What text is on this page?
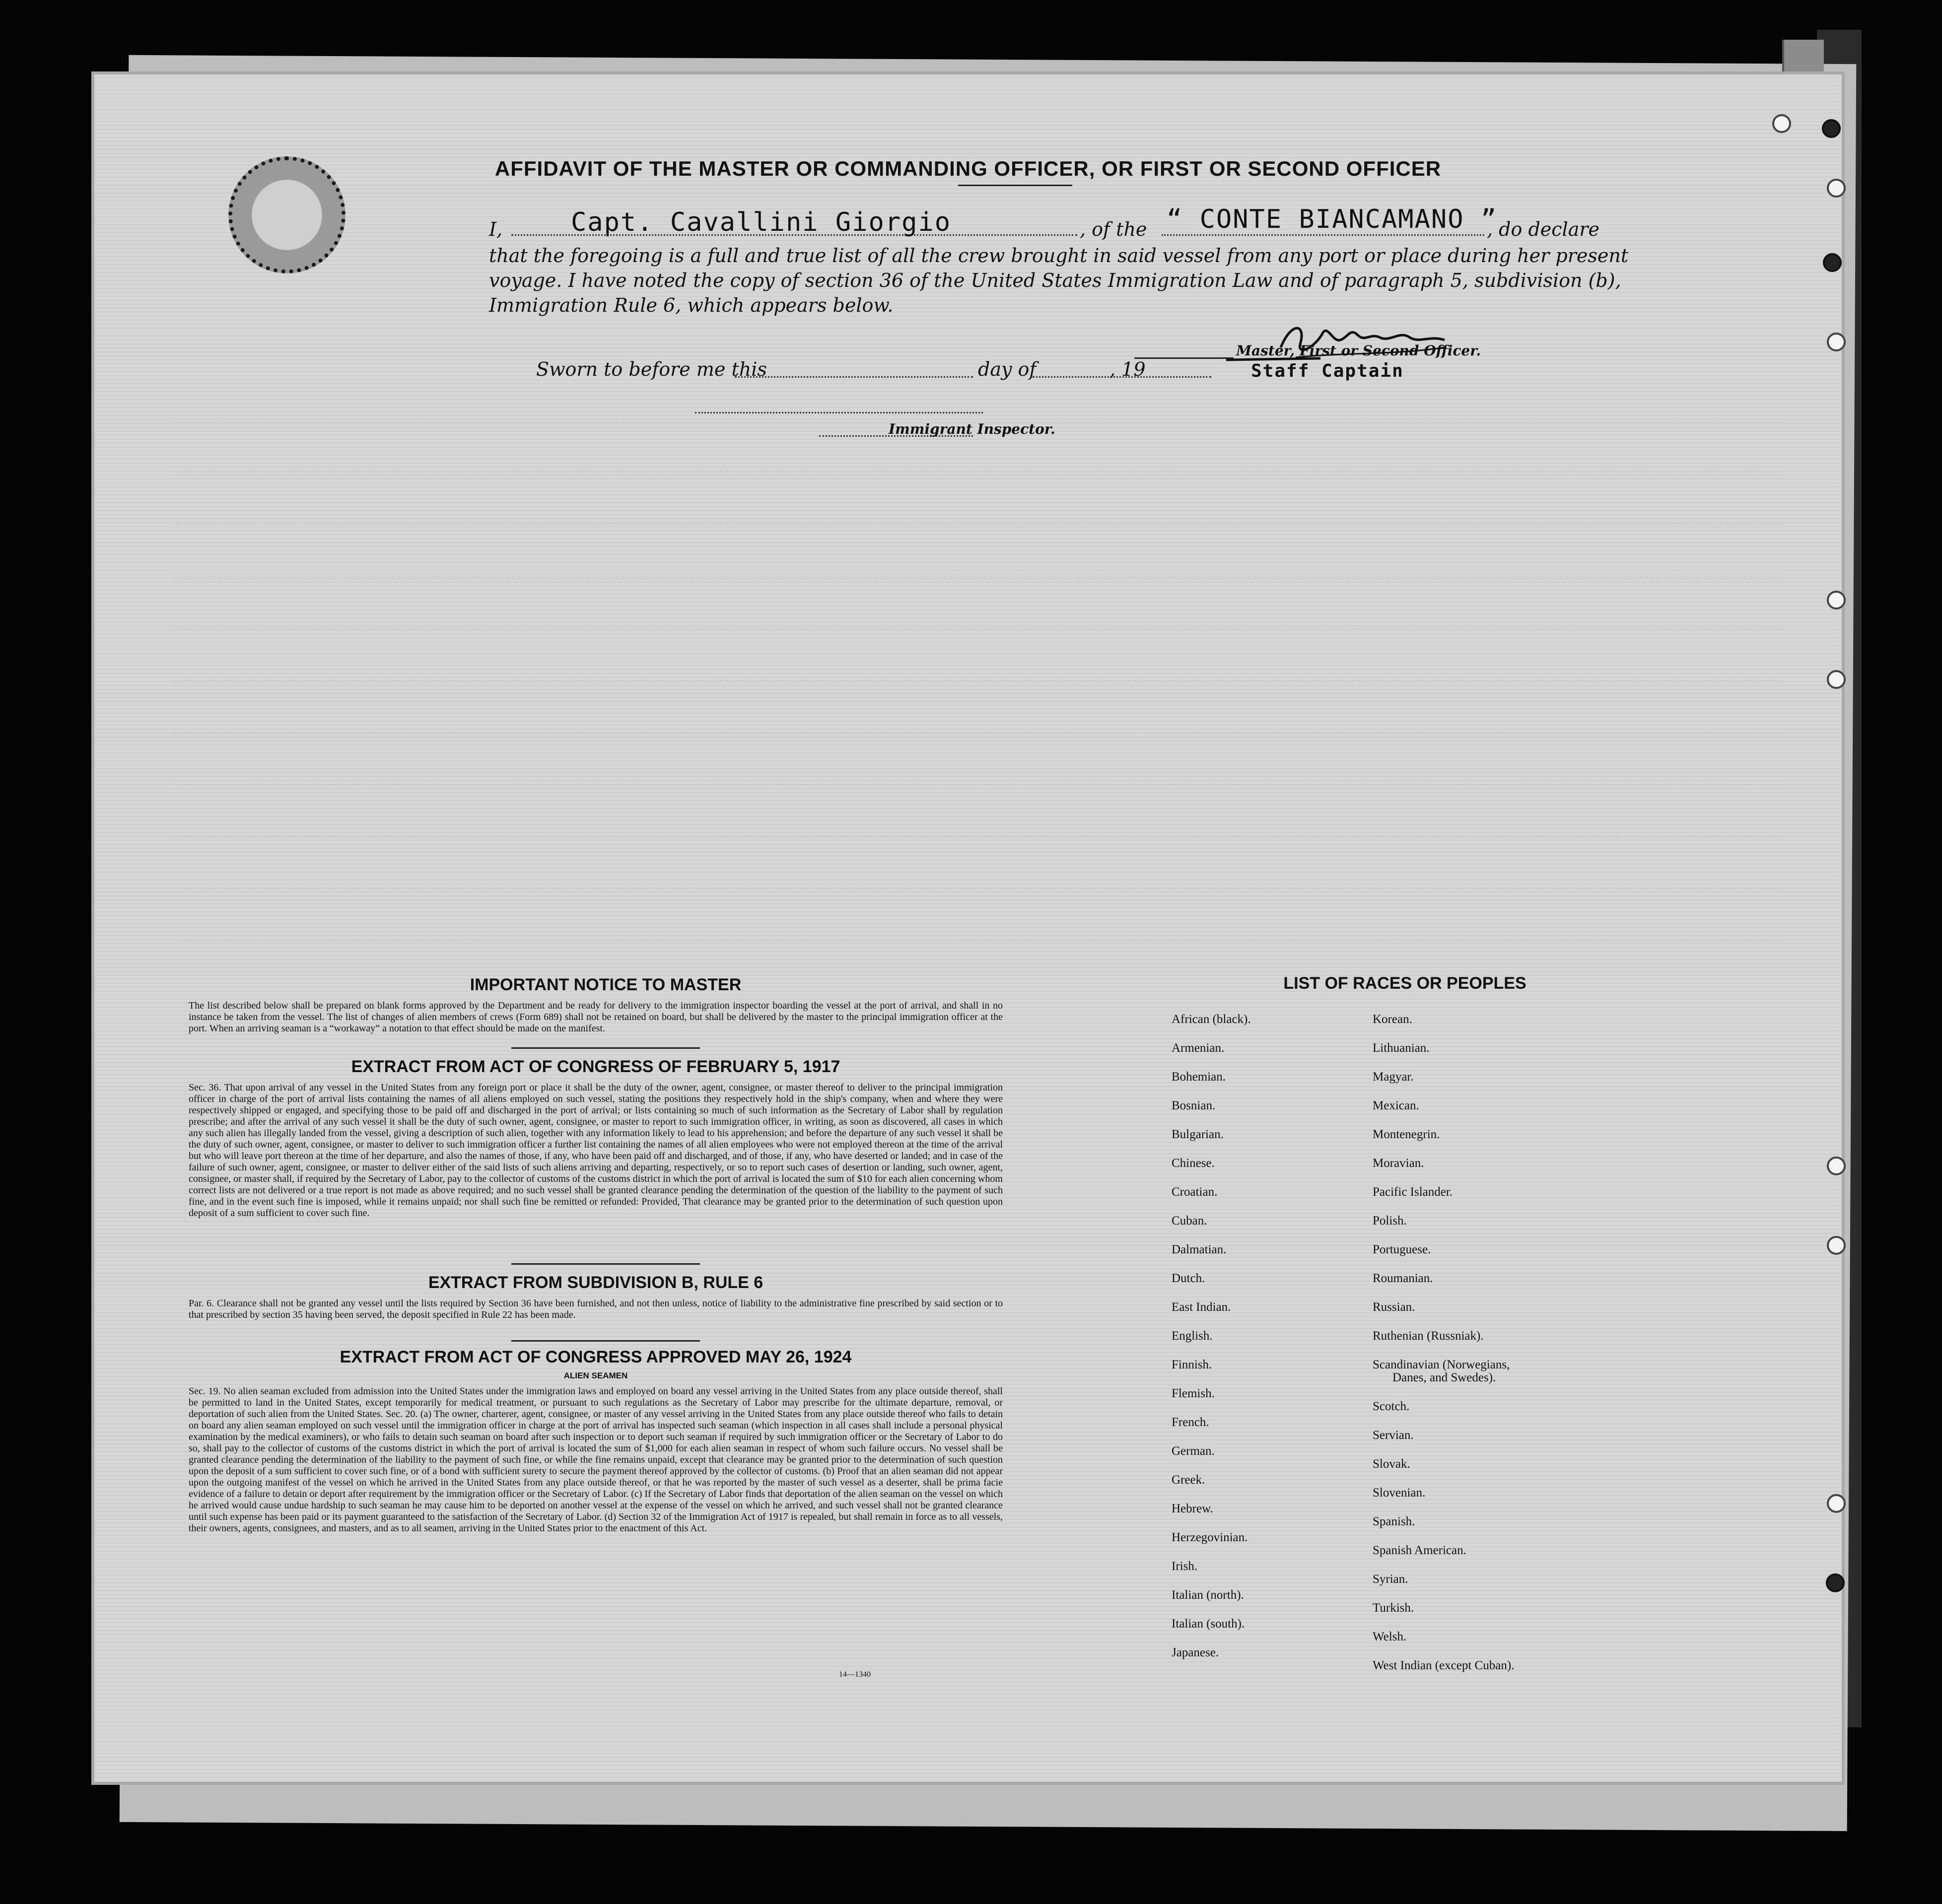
AFFIDAVIT OF THE MASTER OR COMMANDING OFFICER, OR FIRST OR SECOND OFFICER
I,	Capt. Cavallini Giorgio	, of the “ CONTE BIANCAMANO ”
, do declare
that the foregoing is a full and true list of all the crew brought in said vessel from any port or place during her present
voyage. I have noted the copy of section 36 of the United States Immigration Law and of paragraph 5, subdivision (b),
Immigration Rule 6, which appears below.
Master, First or Second Officer.
Staff Captain
Sworn to before me this	day of	, 19
Immigrant Inspector.
IMPORTANT NOTICE TO MASTER
The list described below shall be prepared on blank forms approved by the Department and be ready for delivery to the immigration inspector boarding the vessel at the port of arrival, and shall in no instance be taken from the vessel. The list of changes of alien members of crews (Form 689) shall not be retained on board, but shall be delivered by the master to the principal immigration officer at the port. When an arriving seaman is a “workaway” a notation to that effect should be made on the manifest.
EXTRACT FROM ACT OF CONGRESS OF FEBRUARY 5, 1917
Sec. 36. That upon arrival of any vessel in the United States from any foreign port or place it shall be the duty of the owner, agent, consignee, or master thereof to deliver to the principal immigration officer in charge of the port of arrival lists containing the names of all aliens employed on such vessel, stating the positions they respectively hold in the ship's company, when and where they were respectively shipped or engaged, and specifying those to be paid off and discharged in the port of arrival; or lists containing so much of such information as the Secretary of Labor shall by regulation prescribe; and after the arrival of any such vessel it shall be the duty of such owner, agent, consignee, or master to report to such immigration officer, in writing, as soon as discovered, all cases in which any such alien has illegally landed from the vessel, giving a description of such alien, together with any information likely to lead to his apprehension; and before the departure of any such vessel it shall be the duty of such owner, agent, consignee, or master to deliver to such immigration officer a further list containing the names of all alien employees who were not employed thereon at the time of the arrival but who will leave port thereon at the time of her departure, and also the names of those, if any, who have been paid off and discharged, and of those, if any, who have deserted or landed; and in case of the failure of such owner, agent, consignee, or master to deliver either of the said lists of such aliens arriving and departing, respectively, or so to report such cases of desertion or landing, such owner, agent, consignee, or master shall, if required by the Secretary of Labor, pay to the collector of customs of the customs district in which the port of arrival is located the sum of $10 for each alien concerning whom correct lists are not delivered or a true report is not made as above required; and no such vessel shall be granted clearance pending the determination of the question of the liability to the payment of such fine, and in the event such fine is imposed, while it remains unpaid; nor shall such fine be remitted or refunded: Provided, That clearance may be granted prior to the determination of such question upon deposit of a sum sufficient to cover such fine.
EXTRACT FROM SUBDIVISION B, RULE 6
Par. 6. Clearance shall not be granted any vessel until the lists required by Section 36 have been furnished, and not then unless, notice of liability to the administrative fine prescribed by said section or to that prescribed by section 35 having been served, the deposit specified in Rule 22 has been made.
EXTRACT FROM ACT OF CONGRESS APPROVED MAY 26, 1924
ALIEN SEAMEN
Sec. 19. No alien seaman excluded from admission into the United States under the immigration laws and employed on board any vessel arriving in the United States from any place outside thereof, shall be permitted to land in the United States, except temporarily for medical treatment, or pursuant to such regulations as the Secretary of Labor may prescribe for the ultimate departure, removal, or deportation of such alien from the United States. Sec. 20. (a) The owner, charterer, agent, consignee, or master of any vessel arriving in the United States from any place outside thereof who fails to detain on board any alien seaman employed on such vessel until the immigration officer in charge at the port of arrival has inspected such seaman (which inspection in all cases shall include a personal physical examination by the medical examiners), or who fails to detain such seaman on board after such inspection or to deport such seaman if required by such immigration officer or the Secretary of Labor to do so, shall pay to the collector of customs of the customs district in which the port of arrival is located the sum of $1,000 for each alien seaman in respect of whom such failure occurs. No vessel shall be granted clearance pending the determination of the liability to the payment of such fine, or while the fine remains unpaid, except that clearance may be granted prior to the determination of such question upon the deposit of a sum sufficient to cover such fine, or of a bond with sufficient surety to secure the payment thereof approved by the collector of customs. (b) Proof that an alien seaman did not appear upon the outgoing manifest of the vessel on which he arrived in the United States from any place outside thereof, or that he was reported by the master of such vessel as a deserter, shall be prima facie evidence of a failure to detain or deport after requirement by the immigration officer or the Secretary of Labor. (c) If the Secretary of Labor finds that deportation of the alien seaman on the vessel on which he arrived would cause undue hardship to such seaman he may cause him to be deported on another vessel at the expense of the vessel on which he arrived, and such vessel shall not be granted clearance until such expense has been paid or its payment guaranteed to the satisfaction of the Secretary of Labor. (d) Section 32 of the Immigration Act of 1917 is repealed, but shall remain in force as to all vessels, their owners, agents, consignees, and masters, and as to all seamen, arriving in the United States prior to the enactment of this Act.
14—1340
LIST OF RACES OR PEOPLES
African (black).
Armenian.
Bohemian.
Bosnian.
Bulgarian.
Chinese.
Croatian.
Cuban.
Dalmatian.
Dutch.
East Indian.
English.
Finnish.
Flemish.
French.
German.
Greek.
Hebrew.
Herzegovinian.
Irish.
Italian (north).
Italian (south).
Japanese.
Korean.
Lithuanian.
Magyar.
Mexican.
Montenegrin.
Moravian.
Pacific Islander.
Polish.
Portuguese.
Roumanian.
Russian.
Ruthenian (Russniak).
Scandinavian (Norwegians,
Danes, and Swedes).
Scotch.
Servian.
Slovak.
Slovenian.
Spanish.
Spanish American.
Syrian.
Turkish.
Welsh.
West Indian (except Cuban).
